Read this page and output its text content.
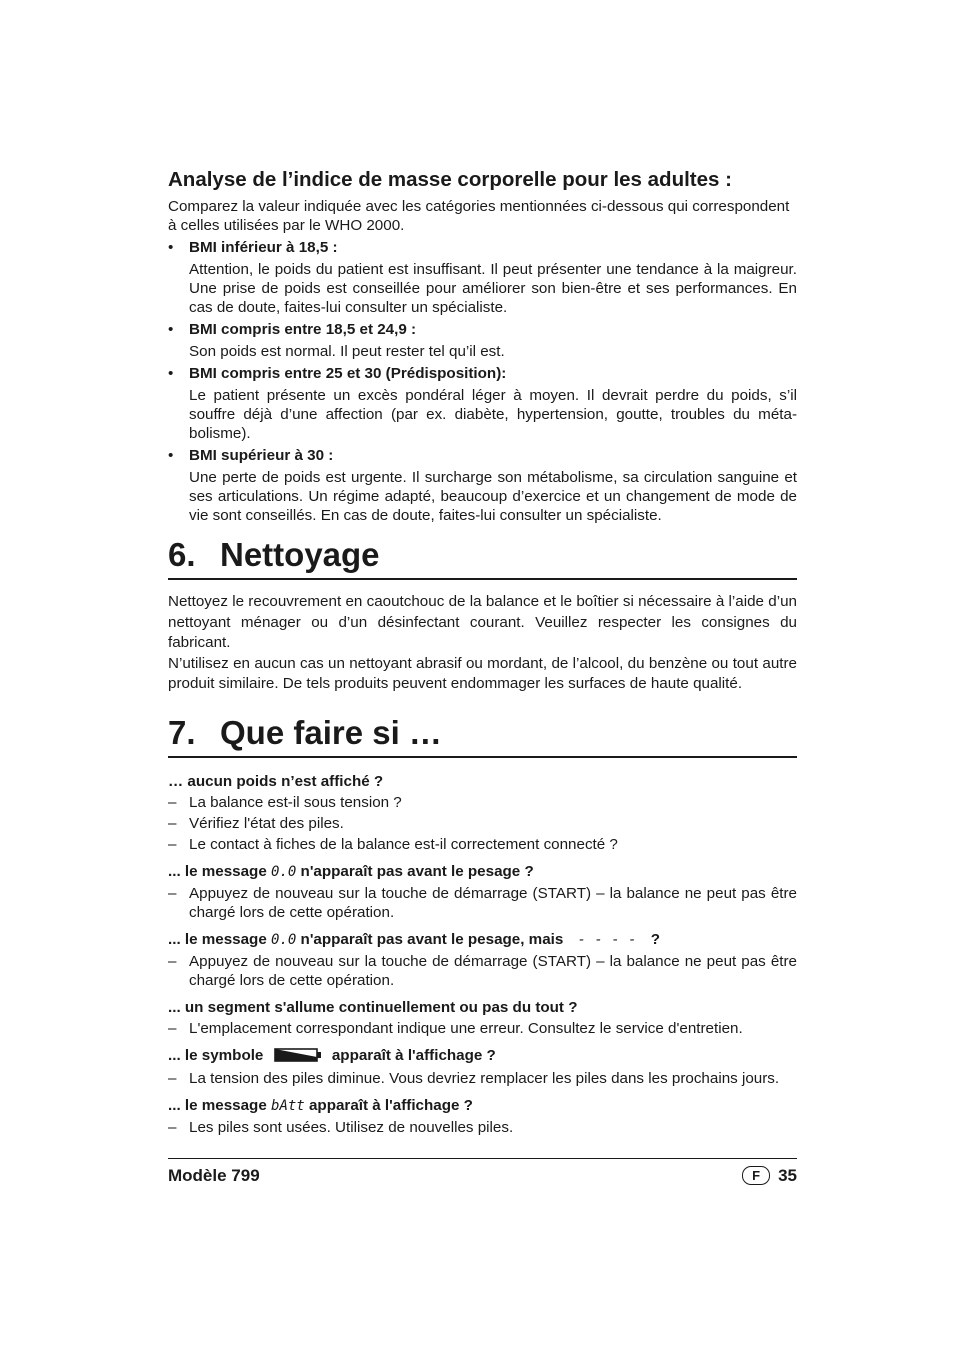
Analyse de l’indice de masse corporelle pour les adultes :

Comparez la valeur indiquée avec les catégories mentionnées ci-dessous qui correspondent à celles utilisées par le WHO 2000.

• BMI inférieur à 18,5 :

Attention, le poids du patient est insuffisant. Il peut présenter une tendance à la maigreur. Une prise de poids est conseillée pour améliorer son bien-être et ses performances. En cas de doute, faites-lui consulter un spécialiste.

• BMI compris entre 18,5 et 24,9 :

Son poids est normal. Il peut rester tel qu’il est.

• BMI compris entre 25 et 30 (Prédisposition):

Le patient présente un excès pondéral léger à moyen. Il devrait perdre du poids, s’il souffre déjà d’une affection (par ex. diabète, hypertension, goutte, troubles du métabolisme).

• BMI supérieur à 30 :

Une perte de poids est urgente. Il surcharge son métabolisme, sa circulation sanguine et ses articulations. Un régime adapté, beaucoup d’exercice et un changement de mode de vie sont conseillés. En cas de doute, faites-lui consulter un spécialiste.

6. Nettoyage

Nettoyez le recouvrement en caoutchouc de la balance et le boîtier si nécessaire à l’aide d’un nettoyant ménager ou d’un désinfectant courant. Veuillez respecter les consignes du fabricant.

N’utilisez en aucun cas un nettoyant abrasif ou mordant, de l’alcool, du benzène ou tout autre produit similaire. De tels produits peuvent endommager les surfaces de haute qualité.

7. Que faire si …
… aucun poids n’est affiché ?
– La balance est-il sous tension ?
– Vérifiez l'état des piles.
– Le contact à fiches de la balance est-il correctement connecté ?
... le message 0.0 n'apparaît pas avant le pesage ?
– Appuyez de nouveau sur la touche de démarrage (START) – la balance ne peut pas être chargé lors de cette opération.
... le message 0.0 n'apparaît pas avant le pesage, mais - - - - ?
– Appuyez de nouveau sur la touche de démarrage (START) – la balance ne peut pas être chargé lors de cette opération.
... un segment s'allume continuellement ou pas du tout ?
– L'emplacement correspondant indique une erreur. Consultez le service d'entretien.
... le symbole	apparaît à l'affichage ?
– La tension des piles diminue. Vous devriez remplacer les piles dans les prochains jours.
... le message bAtt apparaît à l'affichage ?
– Les piles sont usées. Utilisez de nouvelles piles.
Modèle 799	F 35
